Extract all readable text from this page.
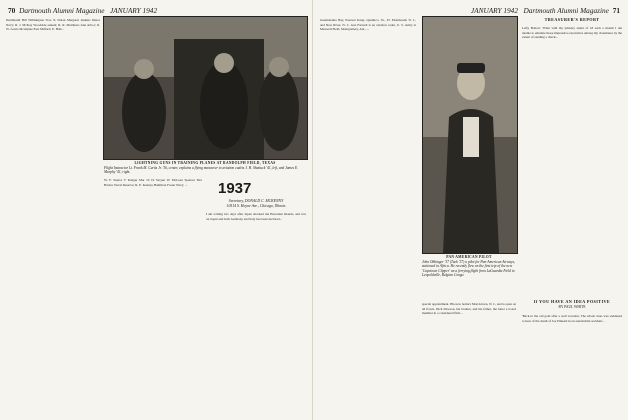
70 Dartmouth Alumni Magazine JANUARY 1942

Dartmouth Bill Wilmington Nov. 8, Nolan Margaret Jenkins Ithaca Navy; R. J. McKay Woodside annual; R. R. Matthews Ann Arbor; O. W. Lewis McAlpine East Milford; E. Hall...

LIGHTNING GUNS IN TRAINING PLANES AT RANDOLPH FIELD, TEXAS
Flight Instructor Lt. Frank M. Curtis Jr. '36, center, explains a flying maneuver to aviation cadets J. H. Shattuck '41, left, and James E. Murphy '41, right.

W. F. Stueve V Rodger Mar 10 19 Stoyen W. McLean Spencer Pier Harbor Naval Reserve; R. E. Kenney Hamilton Foster Navy; ...	1937
Secretary, DONALD C. MCKENNY
10514 S. Hoyne Ave., Chicago, Illinois

I am writing two days after Japan attacked the Hawaiian Islands, and war on Japan and both Germany and Italy has been declared...

JANUARY 1942 Dartmouth Alumni Magazine 71

Guantanamo Bay, Pearson Kaup, Quantico, Va., Pt. Monmouth, N. J., and New River, N. C. Gus Farwell is an aviation cadet, U. S. Army at Maxwell Field, Montgomery, Ala., ...

PAN AMERICAN PILOT
John Obbinger '37 (Tuck '37) a pilot for Pan-American Airways, stationed in Africa. He recently flew on the first trip of the new 'Capetown Clipper' on a ferrying flight from LaGuardia Field to Leopoldville, Belgian Congo.

special appointment. His new home's Morristown, N. J., and is open on all fronts. Dick Dawson, his brother, and his father, the latter a board member in a considered firm...

TREASURER'S REPORT

Lefty Bolton: 'What with my primary talent of 18 each a month I am unable to emulate those impressive executives among my classmates by the extent of sending a check...

If YOU HAVE AN IDEA POSITIVE
BY PAUL WHITE

'Back in the old gold after a well vacation. The whole class was saddened to hear of the death of Joe Pinkard in an automobile accident...
